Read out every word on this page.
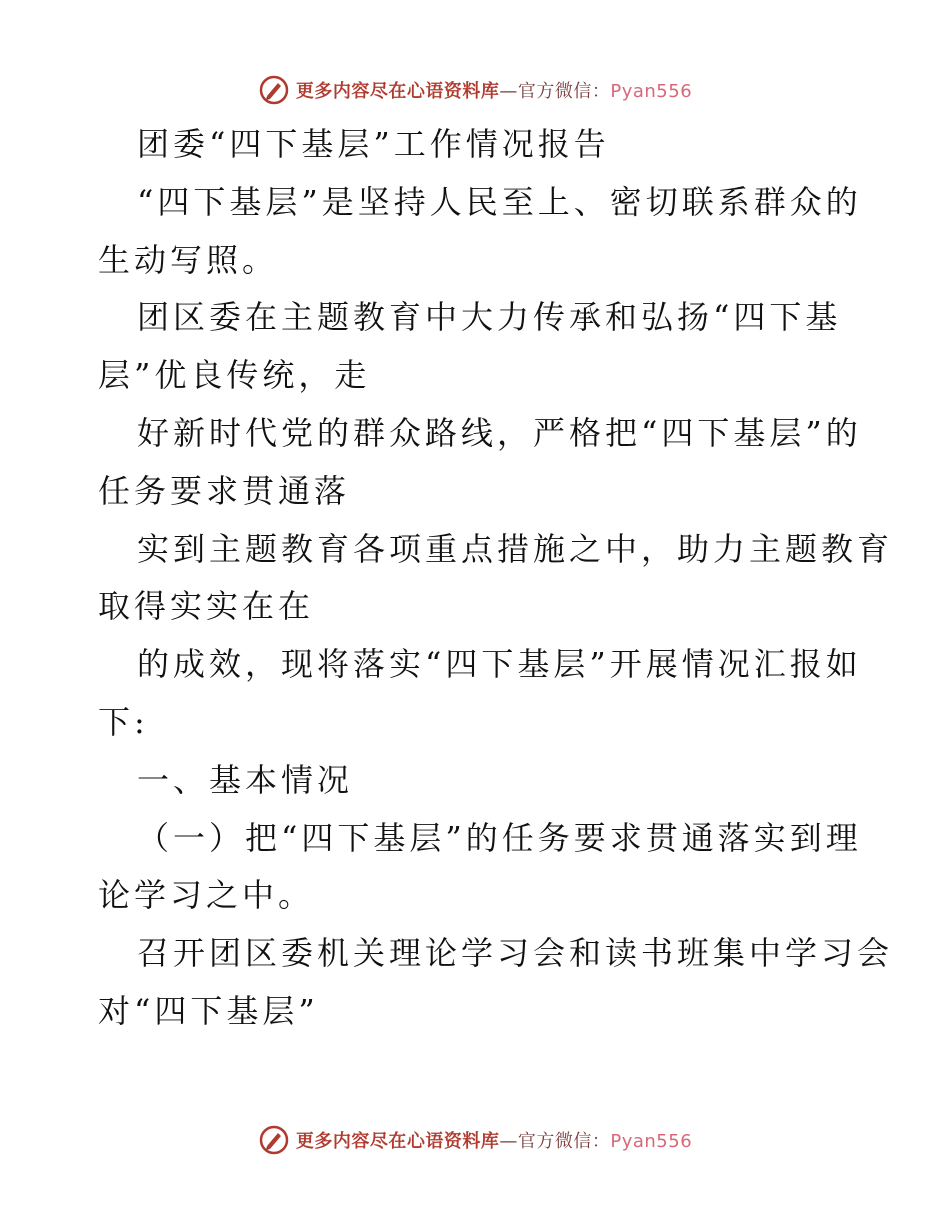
更多内容尽在心语资料库—官方微信：Pyan556
团委“四下基层”工作情况报告
“四下基层”是坚持人民至上、密切联系群众的
生动写照。
团区委在主题教育中大力传承和弘扬“四下基
层”优良传统，走
好新时代党的群众路线，严格把“四下基层”的
任务要求贯通落
实到主题教育各项重点措施之中，助力主题教育
取得实实在在
的成效，现将落实“四下基层”开展情况汇报如
下:
一、基本情况
（一）把“四下基层”的任务要求贯通落实到理
论学习之中。
召开团区委机关理论学习会和读书班集中学习会
对“四下基层”
更多内容尽在心语资料库—官方微信：Pyan556
